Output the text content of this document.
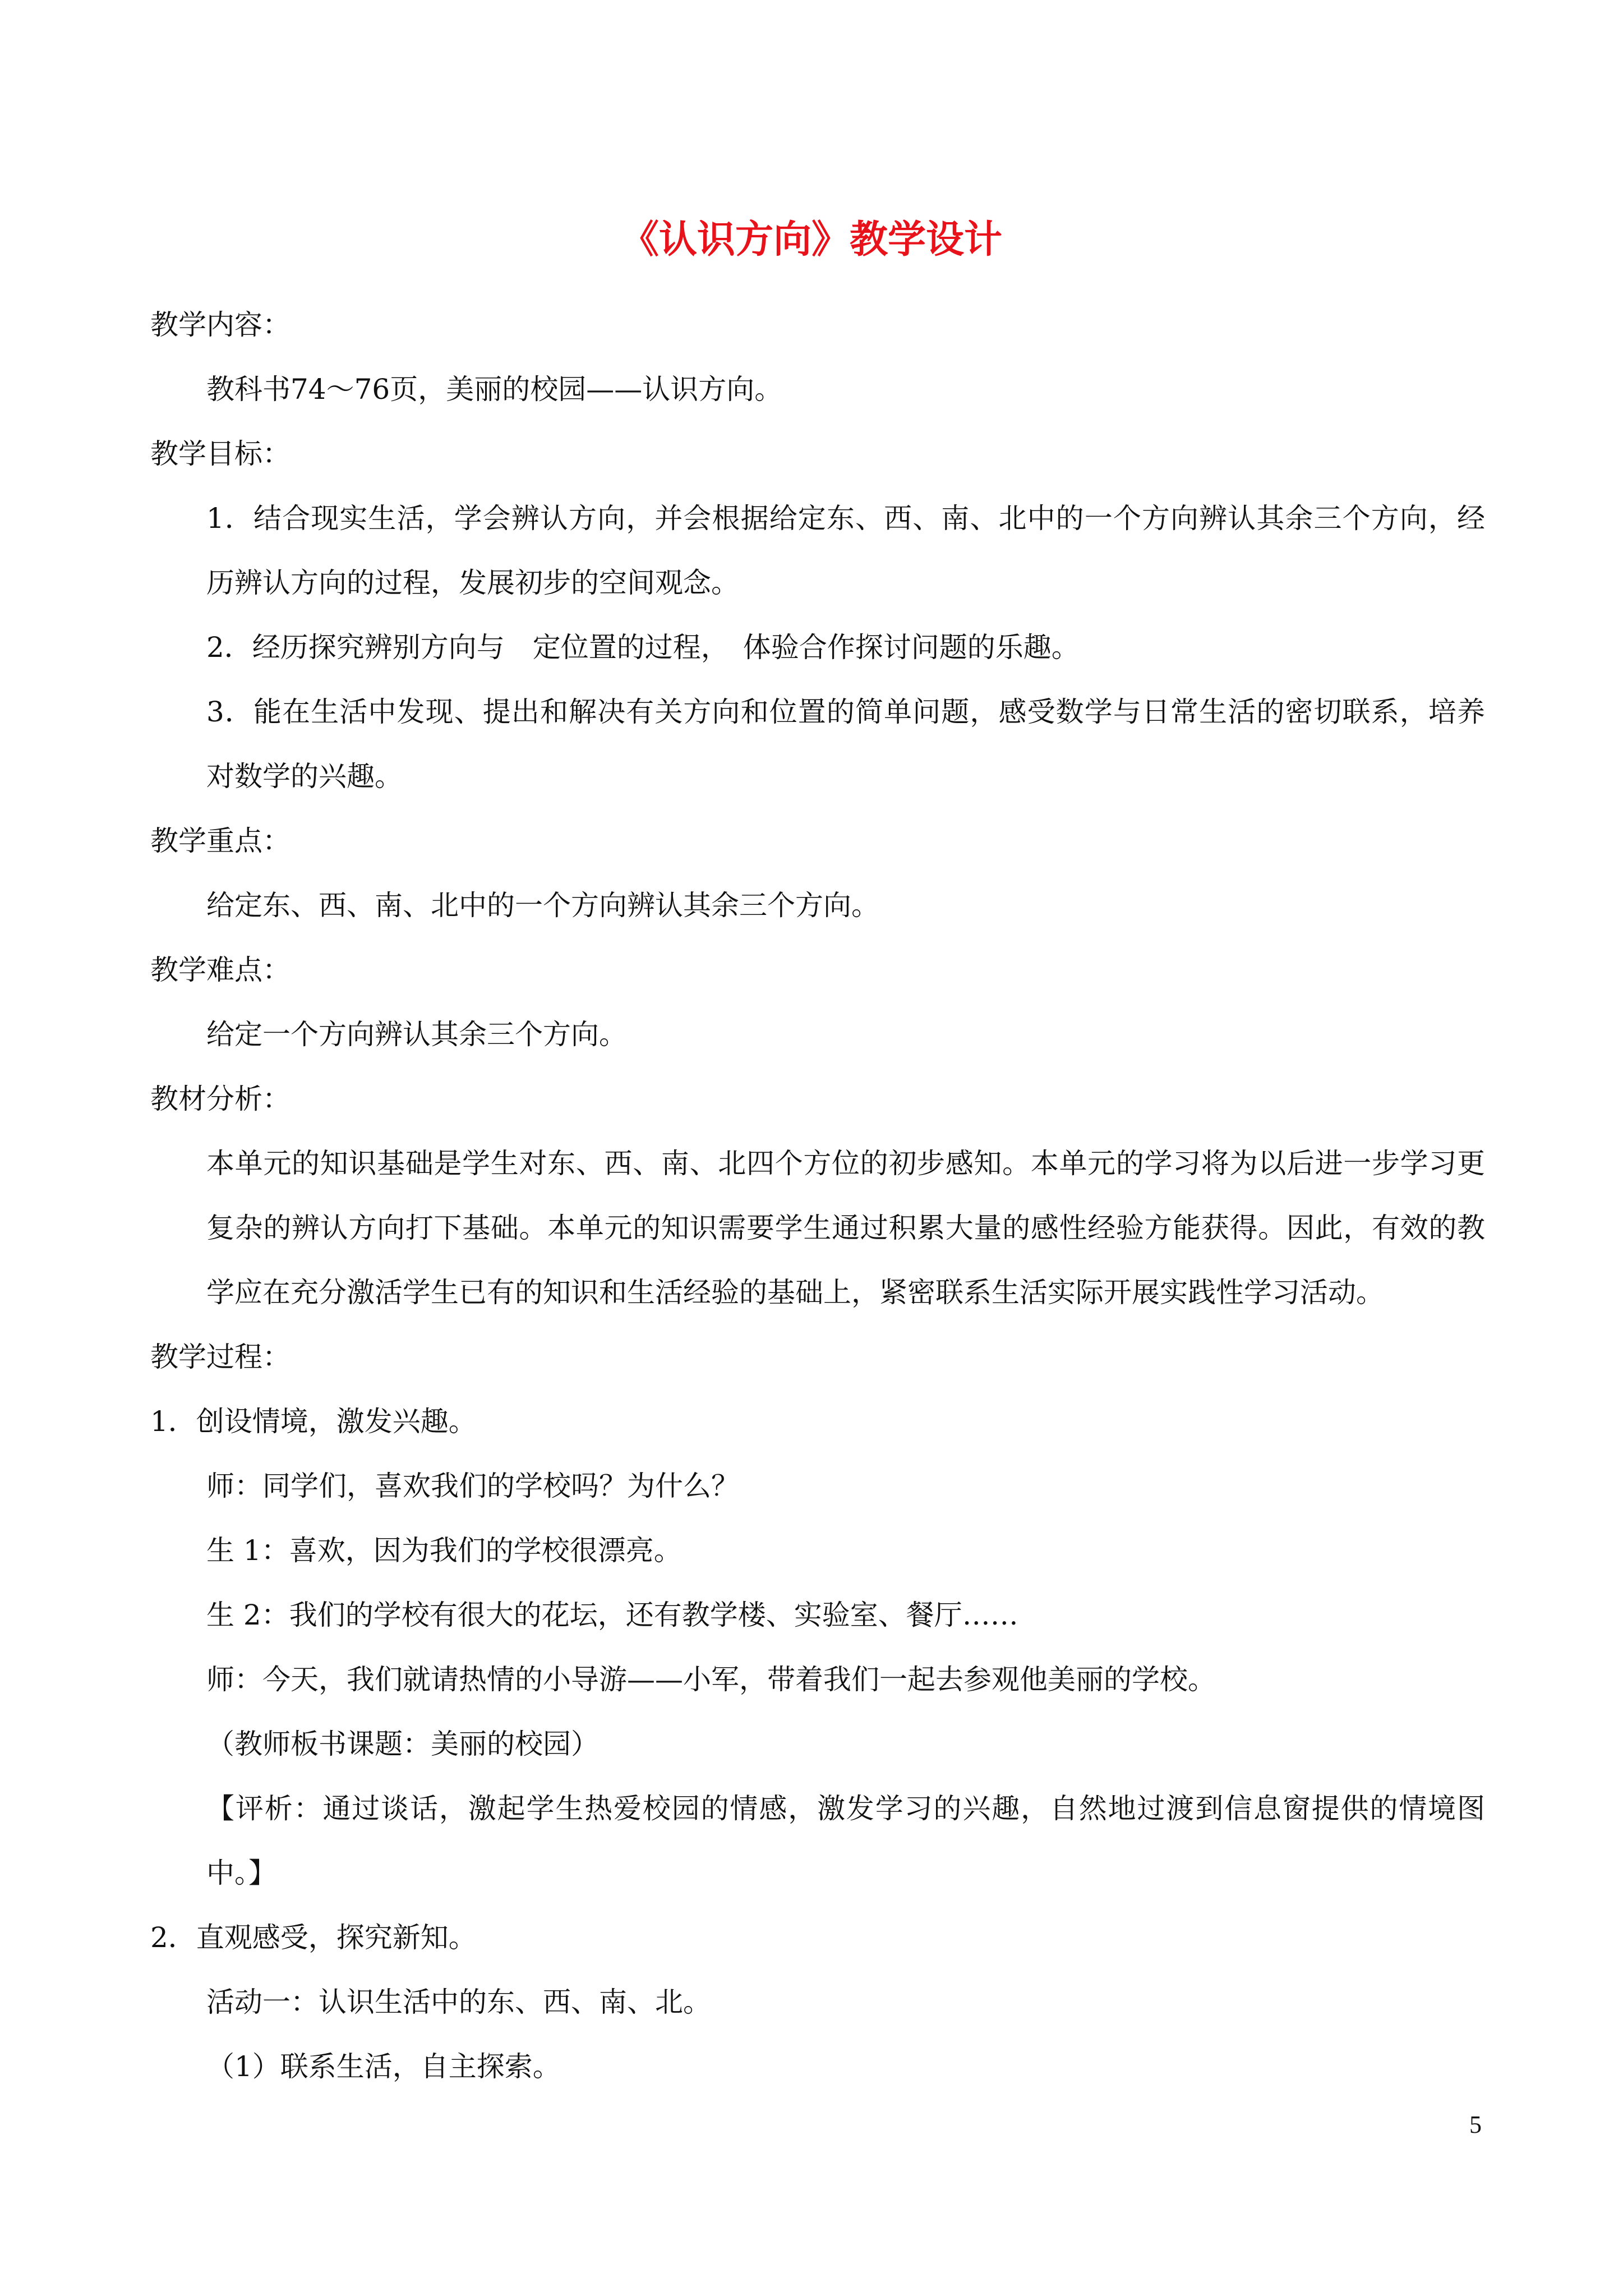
《认识方向》教学设计

教学内容：

教科书74～76页，美丽的校园——认识方向。

教学目标：

1．结合现实生活，学会辨认方向，并会根据给定东、西、南、北中的一个方向辨认其余三个方向，经历辨认方向的过程，发展初步的空间观念。

2．经历探究辨别方向与　定位置的过程，　体验合作探讨问题的乐趣。

3．能在生活中发现、提出和解决有关方向和位置的简单问题，感受数学与日常生活的密切联系，培养对数学的兴趣。

教学重点：

给定东、西、南、北中的一个方向辨认其余三个方向。

教学难点：

给定一个方向辨认其余三个方向。

教材分析：

本单元的知识基础是学生对东、西、南、北四个方位的初步感知。本单元的学习将为以后进一步学习更复杂的辨认方向打下基础。本单元的知识需要学生通过积累大量的感性经验方能获得。因此，有效的教学应在充分激活学生已有的知识和生活经验的基础上，紧密联系生活实际开展实践性学习活动。

教学过程：

1．创设情境，激发兴趣。

师：同学们，喜欢我们的学校吗？为什么？

生 1：喜欢，因为我们的学校很漂亮。

生 2：我们的学校有很大的花坛，还有教学楼、实验室、餐厅……

师：今天，我们就请热情的小导游——小军，带着我们一起去参观他美丽的学校。

（教师板书课题：美丽的校园）

【评析：通过谈话，激起学生热爱校园的情感，激发学习的兴趣，自然地过渡到信息窗提供的情境图中。】

2．直观感受，探究新知。

活动一：认识生活中的东、西、南、北。

（1）联系生活，自主探索。

5
